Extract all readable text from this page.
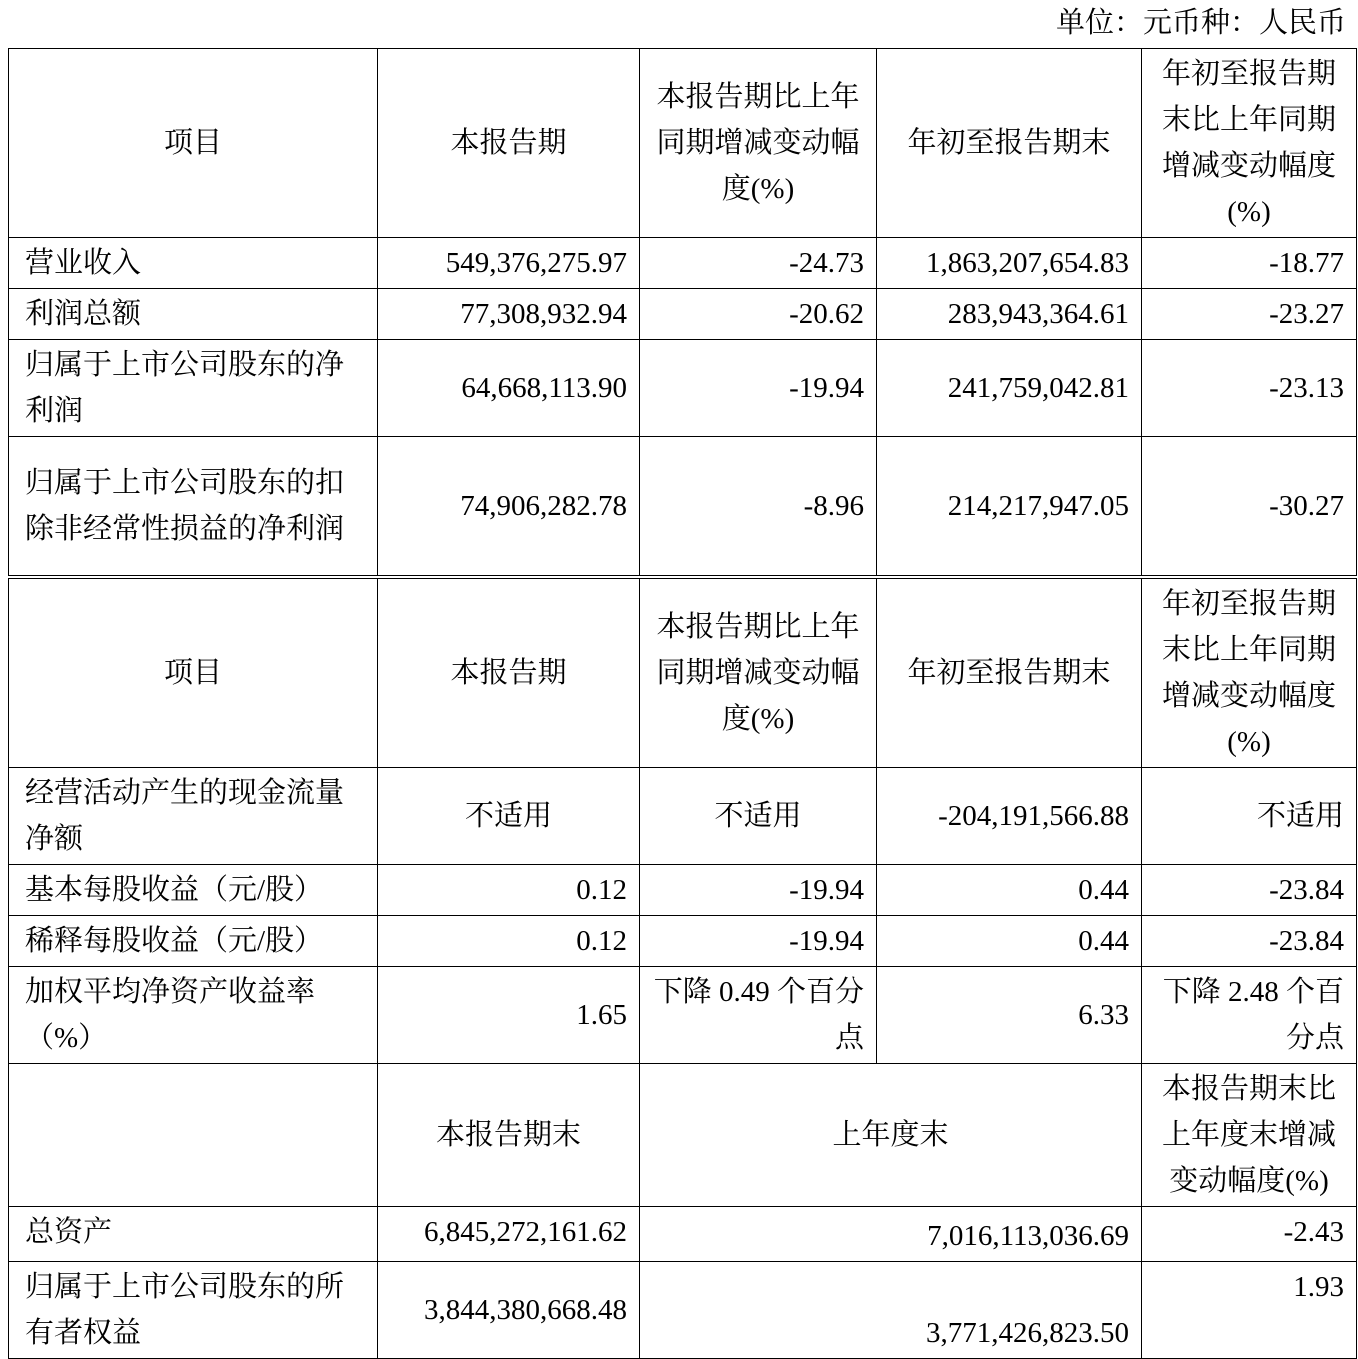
单位：元币种：人民币
项目	本报告期	本报告期比上年同期增减变动幅度(%)	年初至报告期末	年初至报告期末比上年同期增减变动幅度(%)
营业收入	549,376,275.97	-24.73	1,863,207,654.83	-18.77
利润总额	77,308,932.94	-20.62	283,943,364.61	-23.27
归属于上市公司股东的净利润	64,668,113.90	-19.94	241,759,042.81	-23.13
归属于上市公司股东的扣除非经常性损益的净利润	74,906,282.78	-8.96	214,217,947.05	-30.27
项目	本报告期	本报告期比上年同期增减变动幅度(%)	年初至报告期末	年初至报告期末比上年同期增减变动幅度(%)
经营活动产生的现金流量净额	不适用	不适用	-204,191,566.88	不适用
基本每股收益（元/股）	0.12	-19.94	0.44	-23.84
稀释每股收益（元/股）	0.12	-19.94	0.44	-23.84
加权平均净资产收益率（%）	1.65	下降 0.49 个百分点	6.33	下降 2.48 个百分点
	本报告期末	上年度末		本报告期末比上年度末增减变动幅度(%)
总资产	6,845,272,161.62	7,016,113,036.69		-2.43
归属于上市公司股东的所有者权益	3,844,380,668.48	3,771,426,823.50		1.93
